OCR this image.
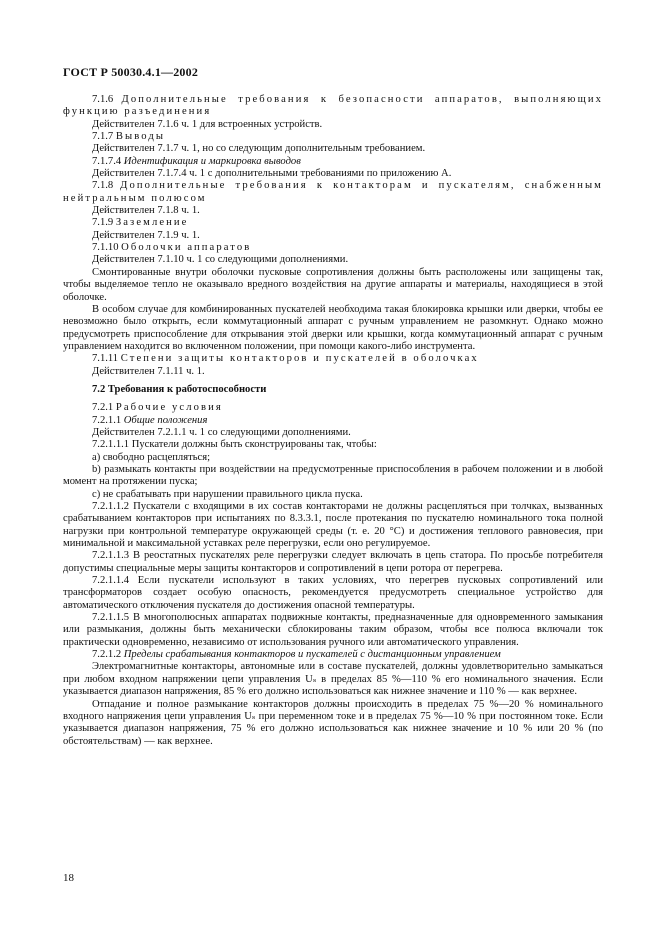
ГОСТ Р 50030.4.1—2002

7.1.6 Дополнительные требования к безопасности аппаратов, выполняющих функцию разъединения

Действителен 7.1.6 ч. 1 для встроенных устройств.

7.1.7 Выводы

Действителен 7.1.7 ч. 1, но со следующим дополнительным требованием.

7.1.7.4 Идентификация и маркировка выводов

Действителен 7.1.7.4 ч. 1 с дополнительными требованиями по приложению А.

7.1.8 Дополнительные требования к контакторам и пускателям, снабженным нейтральным полюсом

Действителен 7.1.8 ч. 1.

7.1.9 Заземление

Действителен 7.1.9 ч. 1.

7.1.10 Оболочки аппаратов

Действителен 7.1.10 ч. 1 со следующими дополнениями.

Смонтированные внутри оболочки пусковые сопротивления должны быть расположены или защищены так, чтобы выделяемое тепло не оказывало вредного воздействия на другие аппараты и материалы, находящиеся в этой оболочке.

В особом случае для комбинированных пускателей необходима такая блокировка крышки или дверки, чтобы ее невозможно было открыть, если коммутационный аппарат с ручным управлением не разомкнут. Однако можно предусмотреть приспособление для открывания этой дверки или крышки, когда коммутационный аппарат с ручным управлением находится во включенном положении, при помощи какого-либо инструмента.

7.1.11 Степени защиты контакторов и пускателей в оболочках

Действителен 7.1.11 ч. 1.

7.2 Требования к работоспособности

7.2.1 Рабочие условия

7.2.1.1 Общие положения

Действителен 7.2.1.1 ч. 1 со следующими дополнениями.

7.2.1.1.1 Пускатели должны быть сконструированы так, чтобы:

а) свободно расцепляться;

b) размыкать контакты при воздействии на предусмотренные приспособления в рабочем положении и в любой момент на протяжении пуска;

с) не срабатывать при нарушении правильного цикла пуска.

7.2.1.1.2 Пускатели с входящими в их состав контакторами не должны расцепляться при толчках, вызванных срабатыванием контакторов при испытаниях по 8.3.3.1, после протекания по пускателю номинального тока полной нагрузки при контрольной температуре окружающей среды (т. е. 20 °С) и достижения теплового равновесия, при минимальной и максимальной уставках реле перегрузки, если оно регулируемое.

7.2.1.1.3 В реостатных пускателях реле перегрузки следует включать в цепь статора. По просьбе потребителя допустимы специальные меры защиты контакторов и сопротивлений в цепи ротора от перегрева.

7.2.1.1.4 Если пускатели используют в таких условиях, что перегрев пусковых сопротивлений или трансформаторов создает особую опасность, рекомендуется предусмотреть специальное устройство для автоматического отключения пускателя до достижения опасной температуры.

7.2.1.1.5 В многополюсных аппаратах подвижные контакты, предназначенные для одновременного замыкания или размыкания, должны быть механически сблокированы таким образом, чтобы все полюса включали ток практически одновременно, независимо от использования ручного или автоматического управления.

7.2.1.2 Пределы срабатывания контакторов и пускателей с дистанционным управлением

Электромагнитные контакторы, автономные или в составе пускателей, должны удовлетворительно замыкаться при любом входном напряжении цепи управления Uₛ в пределах 85 %—110 % его номинального значения. Если указывается диапазон напряжения, 85 % его должно использоваться как нижнее значение и 110 % — как верхнее.

Отпадание и полное размыкание контакторов должны происходить в пределах 75 %—20 % номинального входного напряжения цепи управления Uₛ при переменном токе и в пределах 75 %—10 % при постоянном токе. Если указывается диапазон напряжения, 75 % его должно использоваться как нижнее значение и 10 % или 20 % (по обстоятельствам) — как верхнее.

18
